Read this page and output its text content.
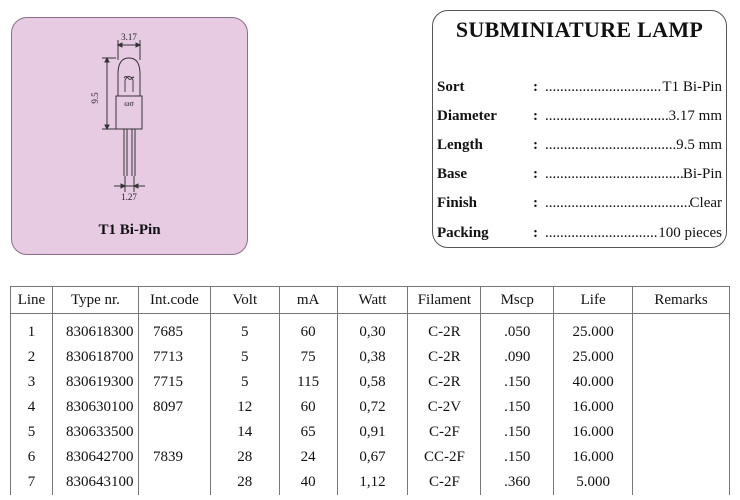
3.17
9.5
1.27
ωσ
T1 Bi-Pin
SUBMINIATURE LAMP
Sort	: .....	T1 Bi-Pin
Diameter : .....	3.17 mm
Length	: .....	9.5 mm
Base	: .....	Bi-Pin
Finish	: .....	Clear
Packing	: .....	100 pieces
Line	Type nr.	Int.code	Volt	mA	Watt	Filament	Mscp	Life	Remarks
1	830618300	7685	5	60	0,30	C-2R	.050	25.000	
2	830618700	7713	5	75	0,38	C-2R	.090	25.000	
3	830619300	7715	5	115	0,58	C-2R	.150	40.000	
4	830630100	8097	12	60	0,72	C-2V	.150	16.000	
5	830633500		14	65	0,91	C-2F	.150	16.000	
6	830642700	7839	28	24	0,67	CC-2F	.150	16.000	
7	830643100		28	40	1,12	C-2F	.360	5.000	
